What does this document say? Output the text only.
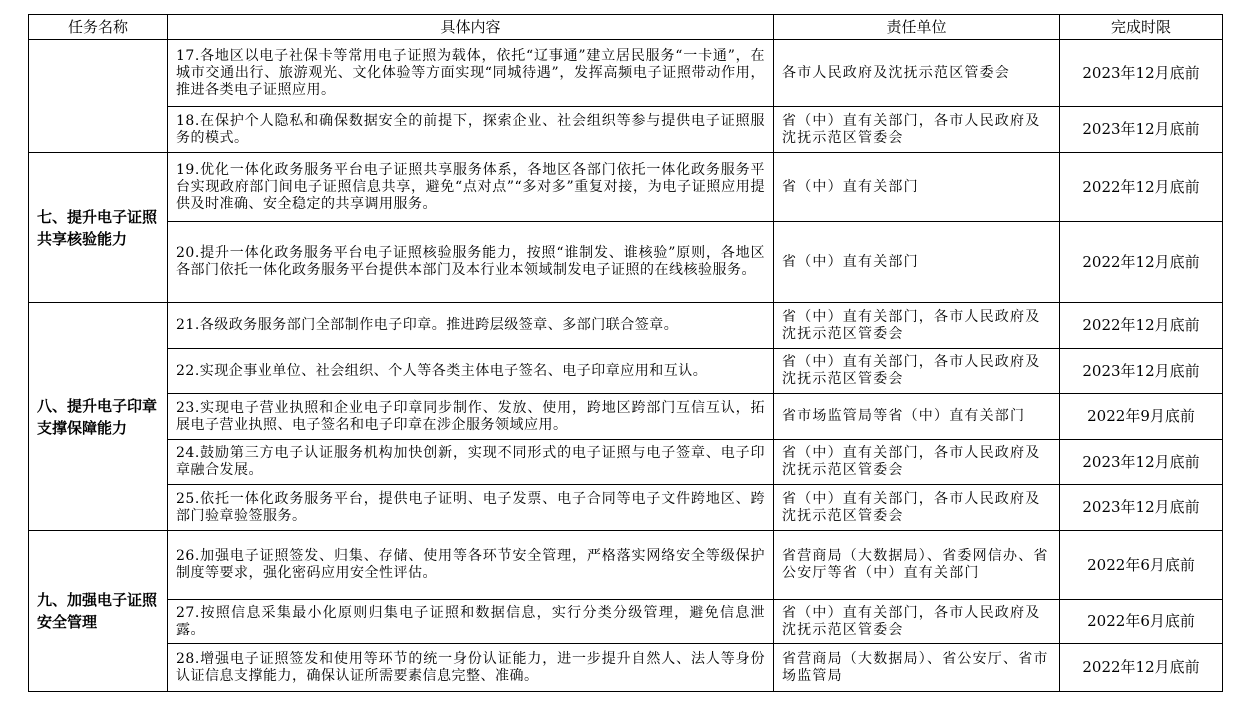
任务名称	具体内容	责任单位	完成时限
	17.各地区以电子社保卡等常用电子证照为载体，依托“辽事通”建立居民服务“一卡通”，在城市交通出行、旅游观光、文化体验等方面实现“同城待遇”，发挥高频电子证照带动作用，推进各类电子证照应用。	各市人民政府及沈抚示范区管委会	2023年12月底前
	18.在保护个人隐私和确保数据安全的前提下，探索企业、社会组织等参与提供电子证照服务的模式。	省（中）直有关部门，各市人民政府及沈抚示范区管委会	2023年12月底前
七、提升电子证照共享核验能力	19.优化一体化政务服务平台电子证照共享服务体系，各地区各部门依托一体化政务服务平台实现政府部门间电子证照信息共享，避免“点对点”“多对多”重复对接，为电子证照应用提供及时准确、安全稳定的共享调用服务。	省（中）直有关部门	2022年12月底前
	20.提升一体化政务服务平台电子证照核验服务能力，按照“谁制发、谁核验”原则，各地区各部门依托一体化政务服务平台提供本部门及本行业本领域制发电子证照的在线核验服务。	省（中）直有关部门	2022年12月底前
八、提升电子印章支撑保障能力	21.各级政务服务部门全部制作电子印章。推进跨层级签章、多部门联合签章。	省（中）直有关部门，各市人民政府及沈抚示范区管委会	2022年12月底前
	22.实现企事业单位、社会组织、个人等各类主体电子签名、电子印章应用和互认。	省（中）直有关部门，各市人民政府及沈抚示范区管委会	2023年12月底前
	23.实现电子营业执照和企业电子印章同步制作、发放、使用，跨地区跨部门互信互认，拓展电子营业执照、电子签名和电子印章在涉企服务领域应用。	省市场监管局等省（中）直有关部门	2022年9月底前
	24.鼓励第三方电子认证服务机构加快创新，实现不同形式的电子证照与电子签章、电子印章融合发展。	省（中）直有关部门，各市人民政府及沈抚示范区管委会	2023年12月底前
	25.依托一体化政务服务平台，提供电子证明、电子发票、电子合同等电子文件跨地区、跨部门验章验签服务。	省（中）直有关部门，各市人民政府及沈抚示范区管委会	2023年12月底前
九、加强电子证照安全管理	26.加强电子证照签发、归集、存储、使用等各环节安全管理，严格落实网络安全等级保护制度等要求，强化密码应用安全性评估。	省营商局（大数据局）、省委网信办、省公安厅等省（中）直有关部门	2022年6月底前
	27.按照信息采集最小化原则归集电子证照和数据信息，实行分类分级管理，避免信息泄露。	省（中）直有关部门，各市人民政府及沈抚示范区管委会	2022年6月底前
	28.增强电子证照签发和使用等环节的统一身份认证能力，进一步提升自然人、法人等身份认证信息支撑能力，确保认证所需要素信息完整、准确。	省营商局（大数据局）、省公安厅、省市场监管局	2022年12月底前
